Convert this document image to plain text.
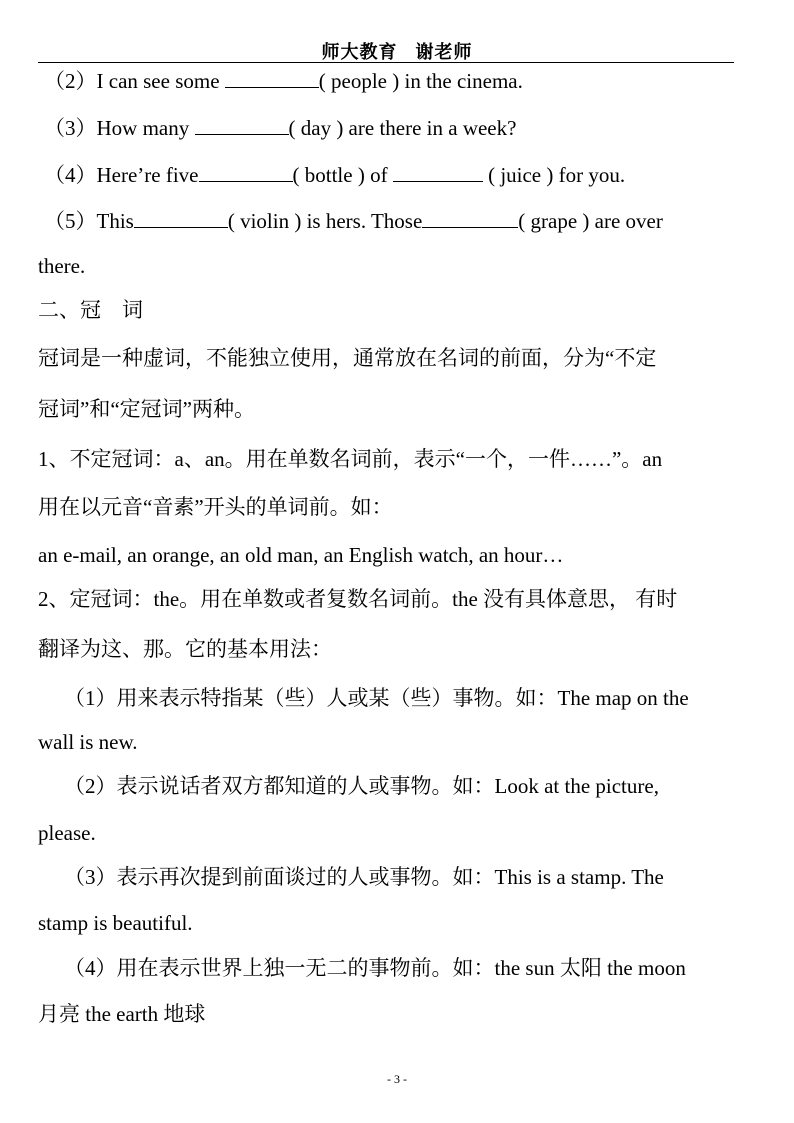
师大教育 谢老师
（2）I can see some	( people ) in the cinema.
（3）How many	( day ) are there in a week?
（4）Here’re five	( bottle ) of	( juice ) for you.
（5）This	( violin ) is hers. Those	( grape ) are over
there.
二、冠　词
冠词是一种虚词，不能独立使用，通常放在名词的前面，分为“不定
冠词”和“定冠词”两种。
1、不定冠词：a、an。用在单数名词前，表示“一个，一件……”。an
用在以元音“音素”开头的单词前。如：
an e-mail, an orange, an old man, an English watch, an hour…
2、定冠词：the。用在单数或者复数名词前。the 没有具体意思， 有时
翻译为这、那。它的基本用法：
（1）用来表示特指某（些）人或某（些）事物。如：The map on the
wall is new.
（2）表示说话者双方都知道的人或事物。如：Look at the picture,
please.
（3）表示再次提到前面谈过的人或事物。如：This is a stamp. The
stamp is beautiful.
（4）用在表示世界上独一无二的事物前。如：the sun 太阳 the moon
月亮 the earth 地球
- 3 -
